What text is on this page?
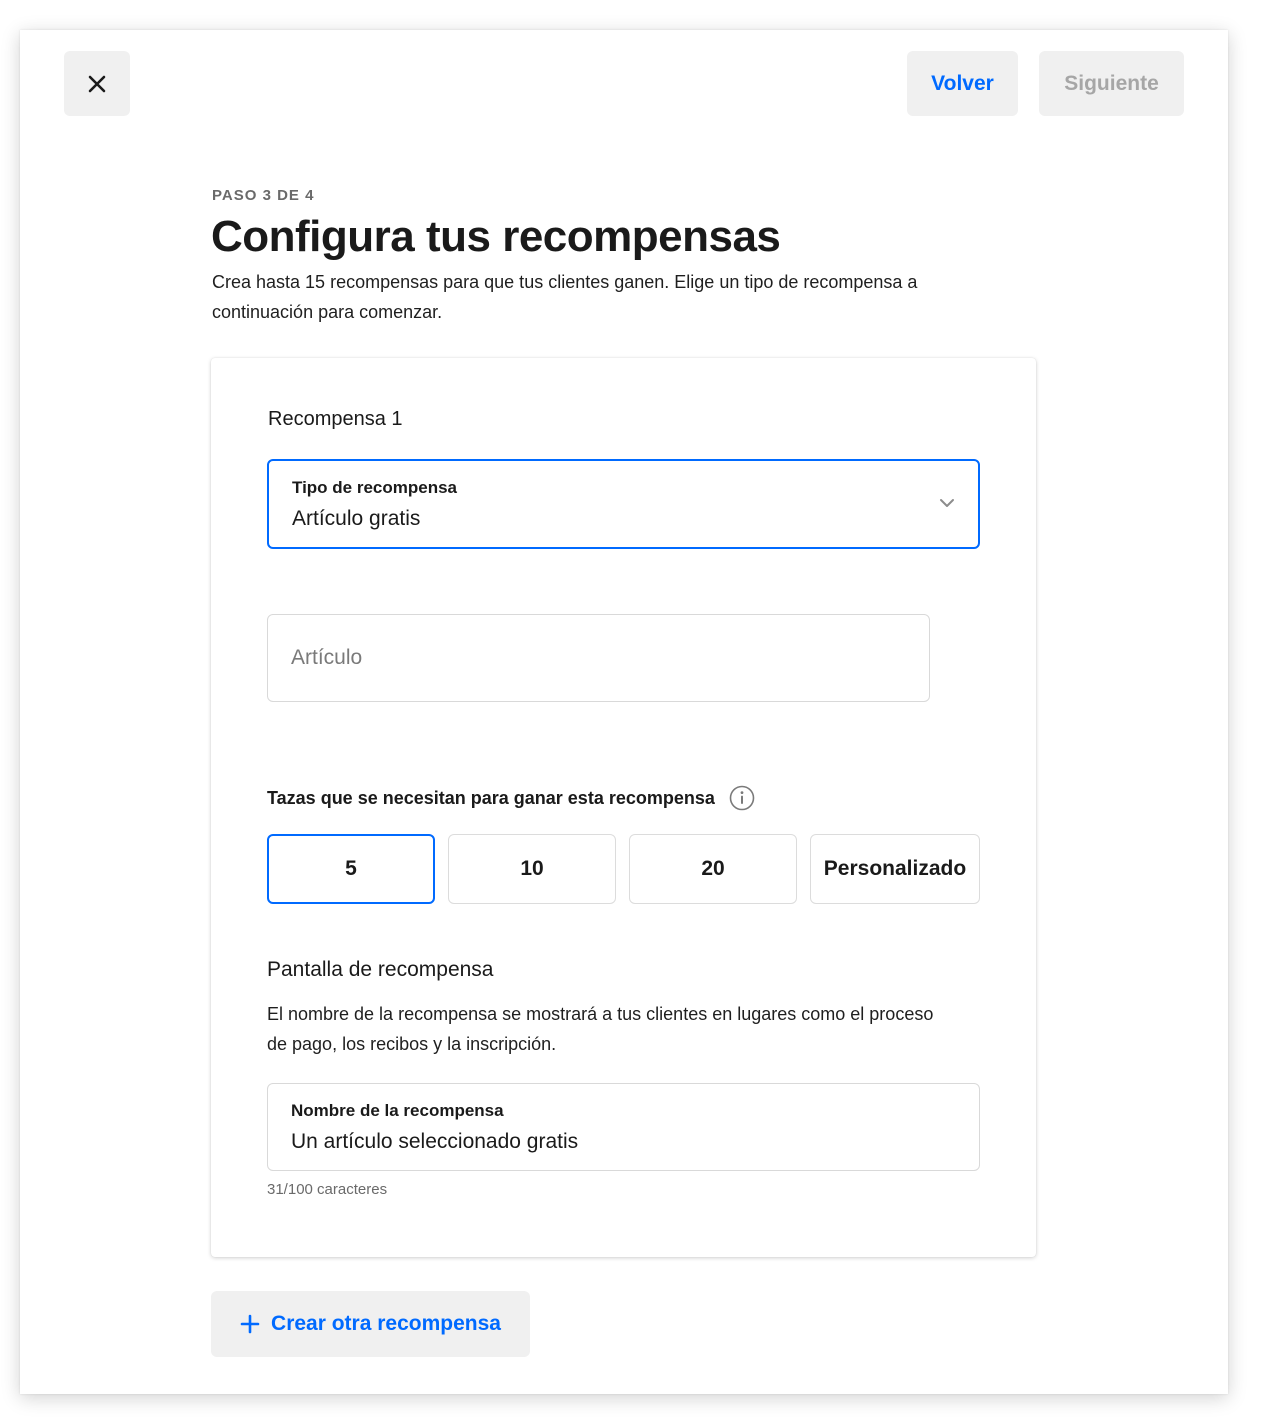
Volver	Siguiente
PASO 3 DE 4
Configura tus recompensas
Crea hasta 15 recompensas para que tus clientes ganen. Elige un tipo de recompensa a continuación para comenzar.
Recompensa 1
Tipo de recompensa
Artículo gratis
Artículo
Tazas que se necesitan para ganar esta recompensa
5	10	20	Personalizado
Pantalla de recompensa
El nombre de la recompensa se mostrará a tus clientes en lugares como el proceso de pago, los recibos y la inscripción.
Nombre de la recompensa
Un artículo seleccionado gratis
31/100 caracteres
Crear otra recompensa
